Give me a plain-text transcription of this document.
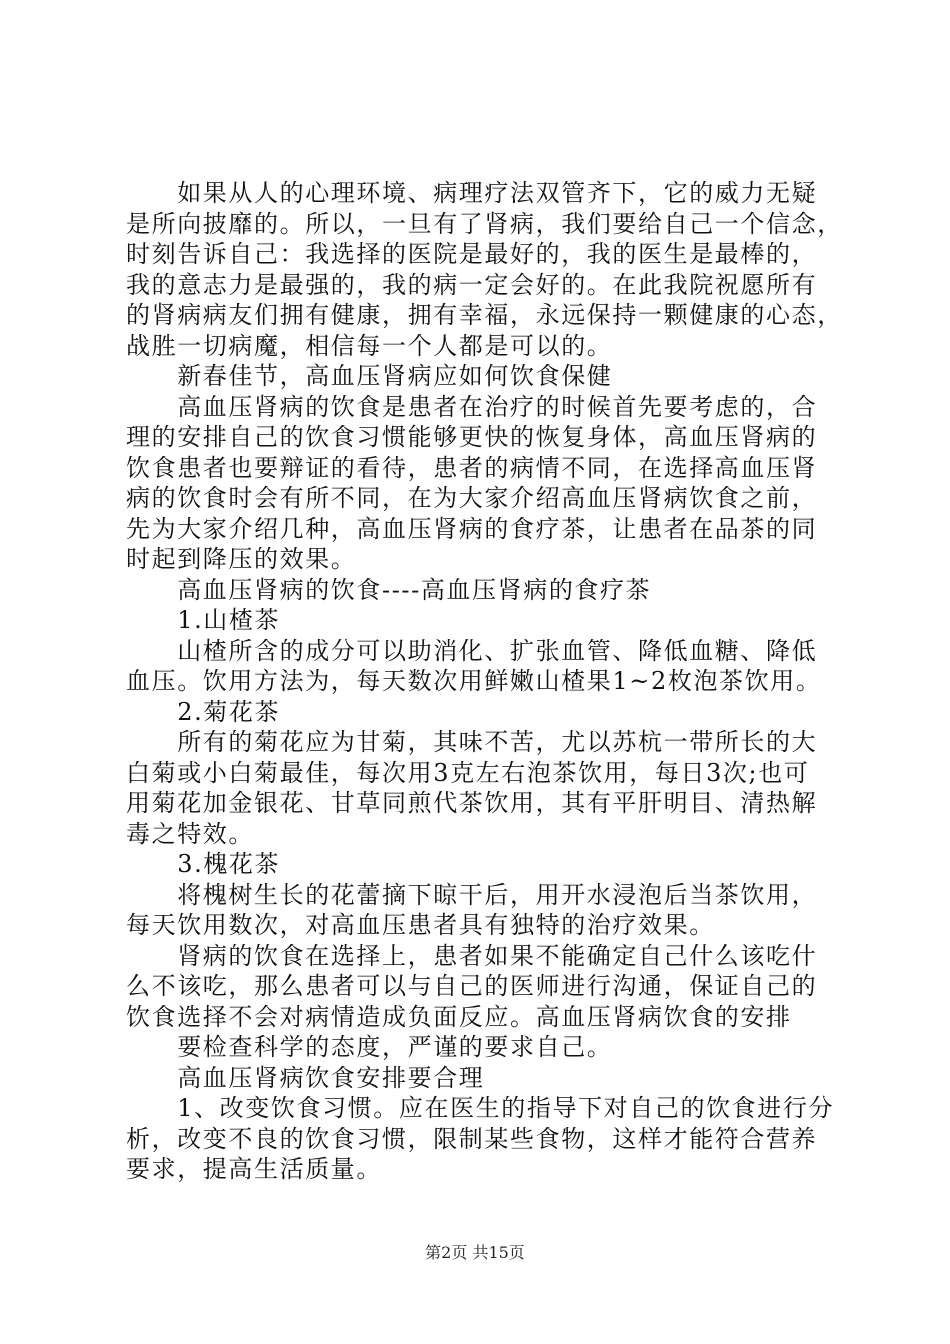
　　如果从人的心理环境、病理疗法双管齐下，它的威力无疑
是所向披靡的。所以，一旦有了肾病，我们要给自己一个信念，
时刻告诉自己：我选择的医院是最好的，我的医生是最棒的，
我的意志力是最强的，我的病一定会好的。在此我院祝愿所有
的肾病病友们拥有健康，拥有幸福，永远保持一颗健康的心态，
战胜一切病魔，相信每一个人都是可以的。
　　新春佳节，高血压肾病应如何饮食保健
　　高血压肾病的饮食是患者在治疗的时候首先要考虑的，合
理的安排自己的饮食习惯能够更快的恢复身体，高血压肾病的
饮食患者也要辩证的看待，患者的病情不同，在选择高血压肾
病的饮食时会有所不同，在为大家介绍高血压肾病饮食之前，
先为大家介绍几种，高血压肾病的食疗茶，让患者在品茶的同
时起到降压的效果。
　　高血压肾病的饮食----高血压肾病的食疗茶
　　1.山楂茶
　　山楂所含的成分可以助消化、扩张血管、降低血糖、降低
血压。饮用方法为，每天数次用鲜嫩山楂果1~2枚泡茶饮用。
　　2.菊花茶
　　所有的菊花应为甘菊，其味不苦，尤以苏杭一带所长的大
白菊或小白菊最佳，每次用3克左右泡茶饮用，每日3次;也可
用菊花加金银花、甘草同煎代茶饮用，其有平肝明目、清热解
毒之特效。
　　3.槐花茶
　　将槐树生长的花蕾摘下晾干后，用开水浸泡后当茶饮用，
每天饮用数次，对高血压患者具有独特的治疗效果。
　　肾病的饮食在选择上，患者如果不能确定自己什么该吃什
么不该吃，那么患者可以与自己的医师进行沟通，保证自己的
饮食选择不会对病情造成负面反应。高血压肾病饮食的安排
　　要检查科学的态度，严谨的要求自己。
　　高血压肾病饮食安排要合理
　　1、改变饮食习惯。应在医生的指导下对自己的饮食进行分
析，改变不良的饮食习惯，限制某些食物，这样才能符合营养
要求，提高生活质量。
第2页 共15页
